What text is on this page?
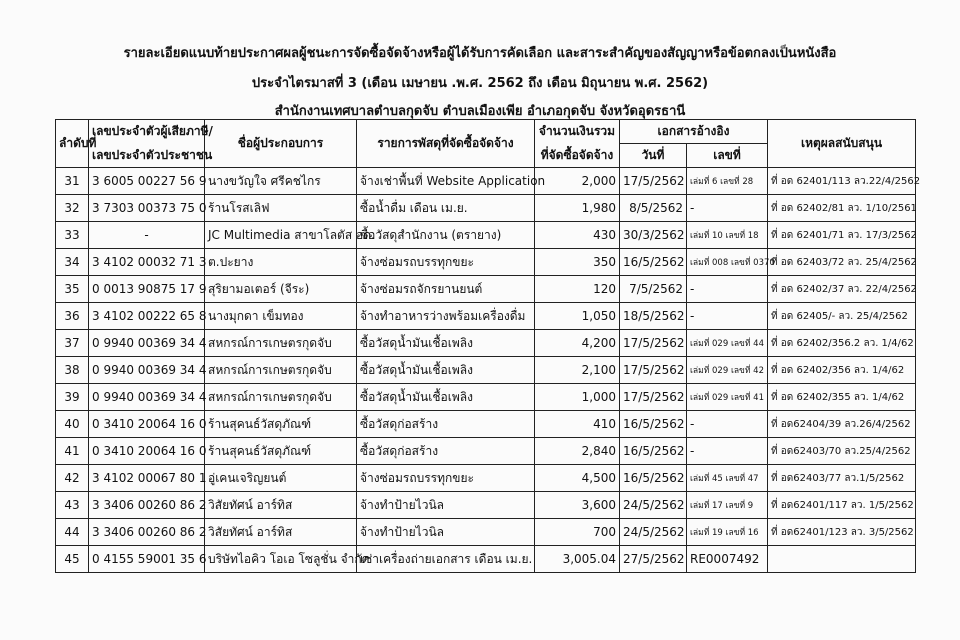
รายละเอียดแนบท้ายประกาศผลผู้ชนะการจัดซื้อจัดจ้างหรือผู้ได้รับการคัดเลือก และสาระสำคัญของสัญญาหรือข้อตกลงเป็นหนังสือ
ประจำไตรมาสที่ 3 (เดือน เมษายน .พ.ศ. 2562 ถึง เดือน มิถุนายน พ.ศ. 2562)
สำนักงานเทศบาลตำบลกุดจับ ตำบลเมืองเพีย อำเภอกุดจับ จังหวัดอุดรธานี
ลำดับที่	เลขประจำตัวผู้เสียภาษี/	ชื่อผู้ประกอบการ	รายการพัสดุที่จัดซื้อจัดจ้าง	จำนวนเงินรวม	เอกสารอ้างอิง		เหตุผลสนับสนุน
	เลขประจำตัวประชาชน			ที่จัดซื้อจัดจ้าง	วันที่	เลขที่	
31	3 6005 00227 56 9	นางขวัญใจ ศรีคชไกร	จ้างเช่าพื้นที่ Website Application	2,000	17/5/2562	เล่มที่ 6 เลขที่ 28	ที่ อด 62401/113 ลว.22/4/2562
32	3 7303 00373 75 0	ร้านโรสเลิฟ	ซื้อน้ำดื่ม เดือน เม.ย.	1,980	8/5/2562	-	ที่ อด 62402/81 ลว. 1/10/2561
33	-	JC Multimedia สาขาโลตัส อด.	ซื้อวัสดุสำนักงาน (ตรายาง)	430	30/3/2562	เล่มที่ 10 เลขที่ 18	ที่ อด 62401/71 ลว. 17/3/2562
34	3 4102 00032 71 3	ต.ปะยาง	จ้างซ่อมรถบรรทุกขยะ	350	16/5/2562	เล่มที่ 008 เลขที่ 0370	ที่ อด 62403/72 ลว. 25/4/2562
35	0 0013 90875 17 9	สุริยามอเตอร์ (จีระ)	จ้างซ่อมรถจักรยานยนต์	120	7/5/2562	-	ที่ อด 62402/37 ลว. 22/4/2562
36	3 4102 00222 65 8	นางมุกดา เข็มทอง	จ้างทำอาหารว่างพร้อมเครื่องดื่ม	1,050	18/5/2562	-	ที่ อด 62405/- ลว. 25/4/2562
37	0 9940 00369 34 4	สหกรณ์การเกษตรกุดจับ	ซื้อวัสดุน้ำมันเชื้อเพลิง	4,200	17/5/2562	เล่มที่ 029 เลขที่ 44	ที่ อด 62402/356.2 ลว. 1/4/62
38	0 9940 00369 34 4	สหกรณ์การเกษตรกุดจับ	ซื้อวัสดุน้ำมันเชื้อเพลิง	2,100	17/5/2562	เล่มที่ 029 เลขที่ 42	ที่ อด 62402/356 ลว. 1/4/62
39	0 9940 00369 34 4	สหกรณ์การเกษตรกุดจับ	ซื้อวัสดุน้ำมันเชื้อเพลิง	1,000	17/5/2562	เล่มที่ 029 เลขที่ 41	ที่ อด 62402/355 ลว. 1/4/62
40	0 3410 20064 16 0	ร้านสุคนธ์วัสดุภัณฑ์	ซื้อวัสดุก่อสร้าง	410	16/5/2562	-	ที่ อด62404/39 ลว.26/4/2562
41	0 3410 20064 16 0	ร้านสุคนธ์วัสดุภัณฑ์	ซื้อวัสดุก่อสร้าง	2,840	16/5/2562	-	ที่ อด62403/70 ลว.25/4/2562
42	3 4102 00067 80 1	อู่เคนเจริญยนต์	จ้างซ่อมรถบรรทุกขยะ	4,500	16/5/2562	เล่มที่ 45 เลขที่ 47	ที่ อด62403/77 ลว.1/5/2562
43	3 3406 00260 86 2	วิสัยทัศน์ อาร์ทิส	จ้างทำป้ายไวนิล	3,600	24/5/2562	เล่มที่ 17 เลขที่ 9	ที่ อด62401/117 ลว. 1/5/2562
44	3 3406 00260 86 2	วิสัยทัศน์ อาร์ทิส	จ้างทำป้ายไวนิล	700	24/5/2562	เล่มที่ 19 เลขที่ 16	ที่ อด62401/123 ลว. 3/5/2562
45	0 4155 59001 35 6	บริษัทไอคิว โอเอ โซลูชั่น จำกัด	เช่าเครื่องถ่ายเอกสาร เดือน เม.ย.	3,005.04	27/5/2562	RE0007492	
